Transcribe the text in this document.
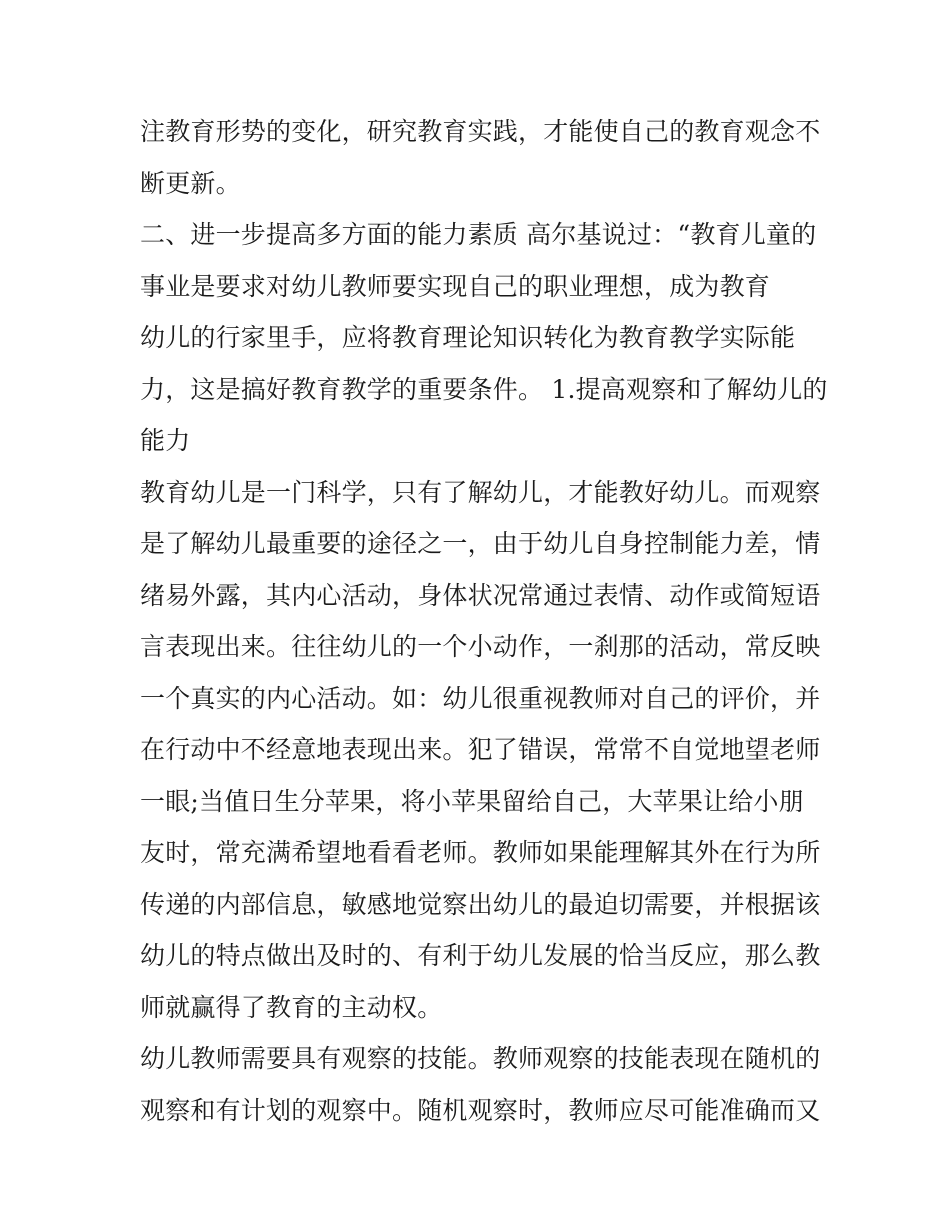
注教育形势的变化，研究教育实践，才能使自己的教育观念不
断更新。
二、进一步提高多方面的能力素质 高尔基说过：“教育儿童的
事业是要求对幼儿教师要实现自己的职业理想，成为教育
幼儿的行家里手，应将教育理论知识转化为教育教学实际能
力，这是搞好教育教学的重要条件。 1.提高观察和了解幼儿的
能力
教育幼儿是一门科学，只有了解幼儿，才能教好幼儿。而观察
是了解幼儿最重要的途径之一，由于幼儿自身控制能力差，情
绪易外露，其内心活动，身体状况常通过表情、动作或简短语
言表现出来。往往幼儿的一个小动作，一刹那的活动，常反映
一个真实的内心活动。如：幼儿很重视教师对自己的评价，并
在行动中不经意地表现出来。犯了错误，常常不自觉地望老师
一眼;当值日生分苹果，将小苹果留给自己，大苹果让给小朋
友时，常充满希望地看看老师。教师如果能理解其外在行为所
传递的内部信息，敏感地觉察出幼儿的最迫切需要，并根据该
幼儿的特点做出及时的、有利于幼儿发展的恰当反应，那么教
师就赢得了教育的主动权。
幼儿教师需要具有观察的技能。教师观察的技能表现在随机的
观察和有计划的观察中。随机观察时，教师应尽可能准确而又
